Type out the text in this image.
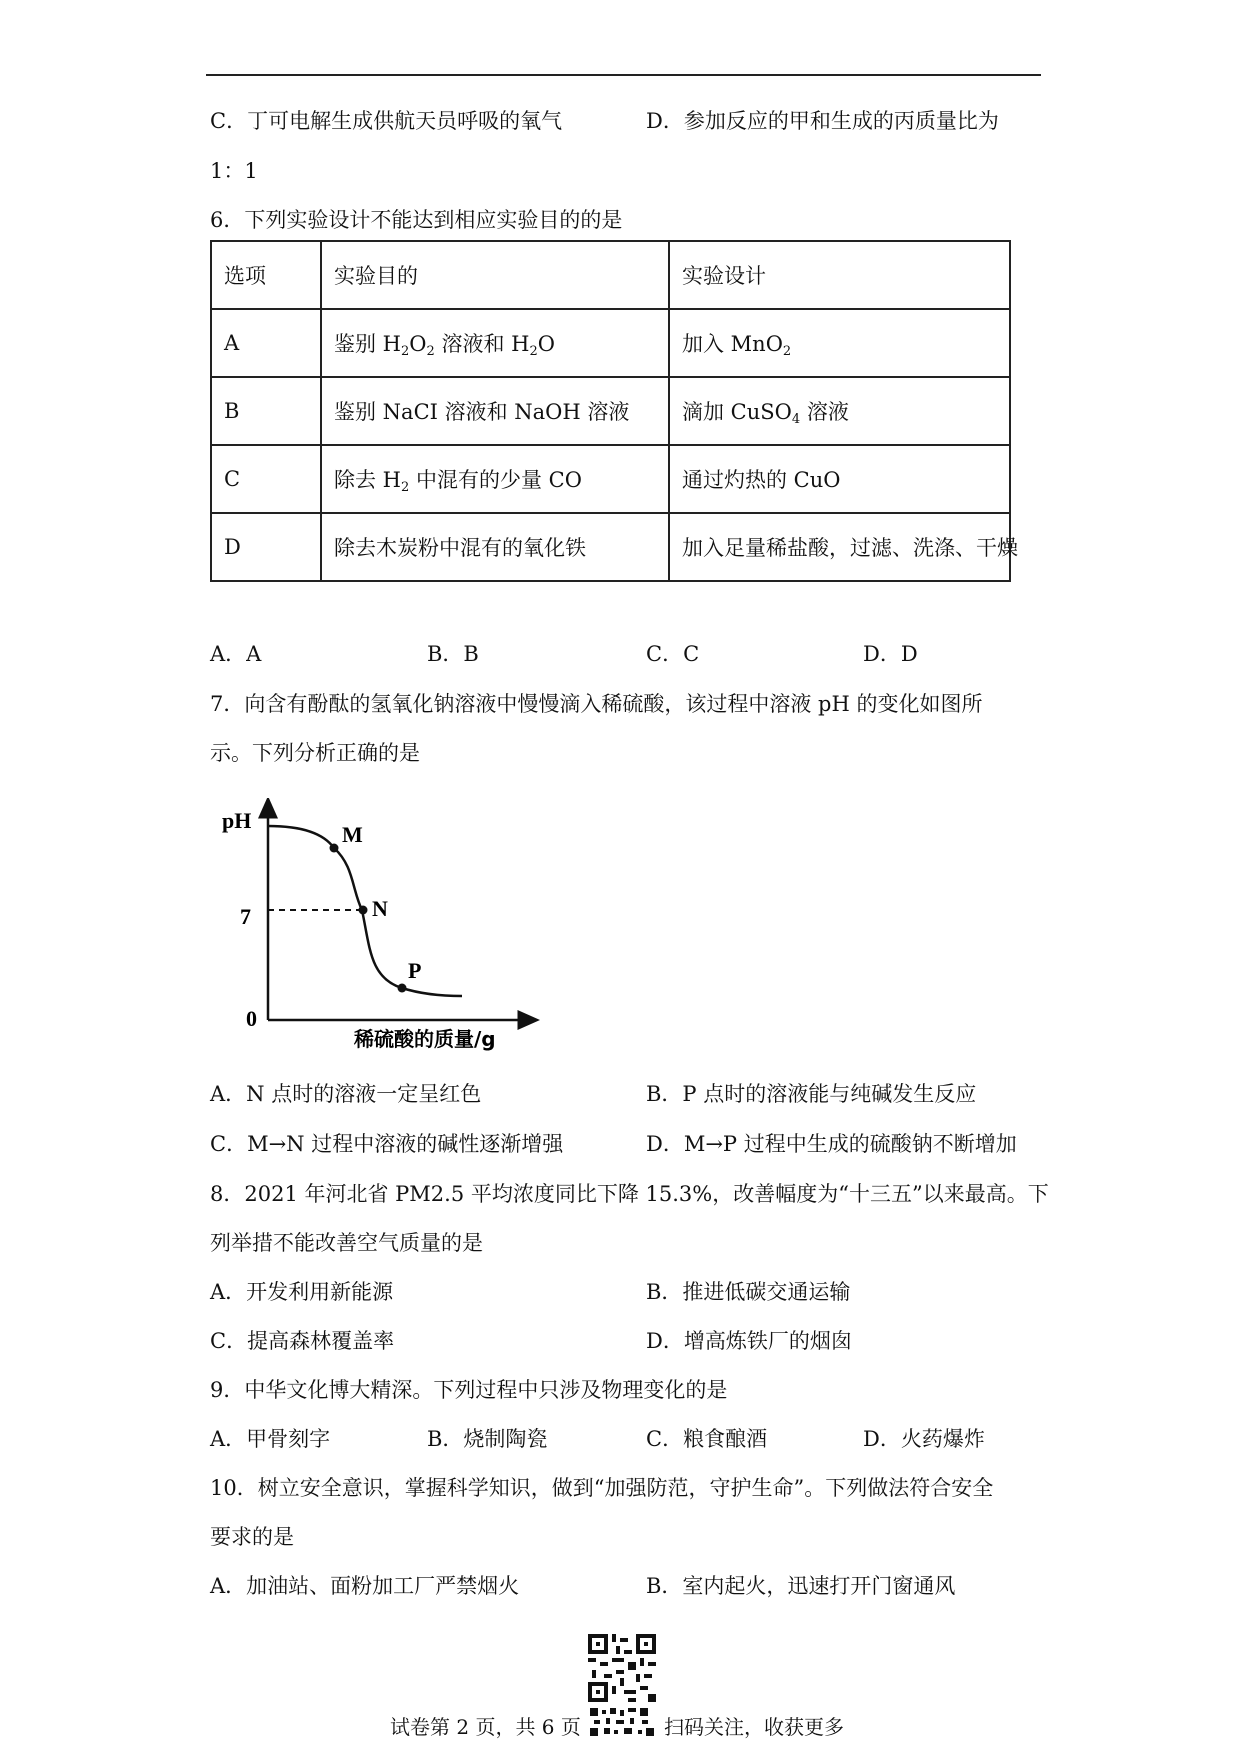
C．丁可电解生成供航天员呼吸的氧气	D．参加反应的甲和生成的丙质量比为
1：1
6．下列实验设计不能达到相应实验目的的是
选项	实验目的	实验设计
A	鉴别 $H_2O_2$ 溶液和 $H_2O$	加入 MnO$_2$
B	鉴别 NaCI 溶液和 NaOH 溶液	滴加 CuSO$_4$ 溶液
C	除去 $H_2$ 中混有的少量 CO	通过灼热的 CuO
D	除去木炭粉中混有的氧化铁	加入足量稀盐酸，过滤、洗涤、干燥
A．A	B．B	C．C	D．D
7．向含有酚酞的氢氧化钠溶液中慢慢滴入稀硫酸，该过程中溶液 pH 的变化如图所
示。下列分析正确的是
pH
7
0
稀硫酸的质量/g
M
N
P
A．N 点时的溶液一定呈红色	B．P 点时的溶液能与纯碱发生反应
C．M→N 过程中溶液的碱性逐渐增强	D．M→P 过程中生成的硫酸钠不断增加
8．2021 年河北省 PM2.5 平均浓度同比下降 15.3%，改善幅度为“十三五”以来最高。下
列举措不能改善空气质量的是
A．开发利用新能源	B．推进低碳交通运输
C．提高森林覆盖率	D．增高炼铁厂的烟囱
9．中华文化博大精深。下列过程中只涉及物理变化的是
A．甲骨刻字	B．烧制陶瓷	C．粮食酿酒	D．火药爆炸
10．树立安全意识，掌握科学知识，做到“加强防范，守护生命”。下列做法符合安全
要求的是
A．加油站、面粉加工厂严禁烟火	B．室内起火，迅速打开门窗通风
试卷第 2 页，共 6 页	扫码关注，收获更多
